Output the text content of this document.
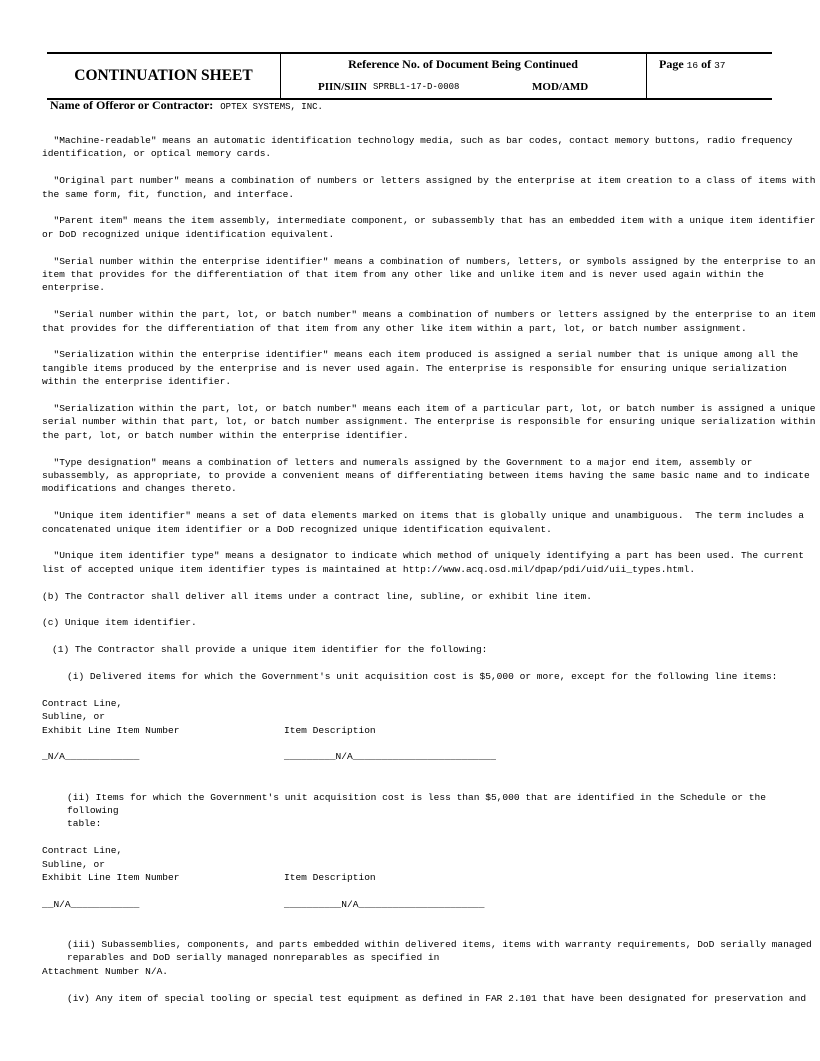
CONTINUATION SHEET
Reference No. of Document Being Continued
PIIN/SIIN SPRBL1-17-D-0008	MOD/AMD
Page 16 of 37
Name of Offeror or Contractor: OPTEX SYSTEMS, INC.

"Machine-readable" means an automatic identification technology media, such as bar codes, contact memory buttons, radio frequency
identification, or optical memory cards.

"Original part number" means a combination of numbers or letters assigned by the enterprise at item creation to a class of items with
the same form, fit, function, and interface.

"Parent item" means the item assembly, intermediate component, or subassembly that has an embedded item with a unique item identifier
or DoD recognized unique identification equivalent.

"Serial number within the enterprise identifier" means a combination of numbers, letters, or symbols assigned by the enterprise to an
item that provides for the differentiation of that item from any other like and unlike item and is never used again within the
enterprise.

"Serial number within the part, lot, or batch number" means a combination of numbers or letters assigned by the enterprise to an item
that provides for the differentiation of that item from any other like item within a part, lot, or batch number assignment.

"Serialization within the enterprise identifier" means each item produced is assigned a serial number that is unique among all the
tangible items produced by the enterprise and is never used again. The enterprise is responsible for ensuring unique serialization
within the enterprise identifier.

"Serialization within the part, lot, or batch number" means each item of a particular part, lot, or batch number is assigned a unique
serial number within that part, lot, or batch number assignment. The enterprise is responsible for ensuring unique serialization within
the part, lot, or batch number within the enterprise identifier.

"Type designation" means a combination of letters and numerals assigned by the Government to a major end item, assembly or
subassembly, as appropriate, to provide a convenient means of differentiating between items having the same basic name and to indicate
modifications and changes thereto.

"Unique item identifier" means a set of data elements marked on items that is globally unique and unambiguous.  The term includes a
concatenated unique item identifier or a DoD recognized unique identification equivalent.

"Unique item identifier type" means a designator to indicate which method of uniquely identifying a part has been used. The current
list of accepted unique item identifier types is maintained at http://www.acq.osd.mil/dpap/pdi/uid/uii_types.html.

(b) The Contractor shall deliver all items under a contract line, subline, or exhibit line item.

(c) Unique item identifier.

(1) The Contractor shall provide a unique item identifier for the following:

(i) Delivered items for which the Government's unit acquisition cost is $5,000 or more, except for the following line items:

Contract Line,

Subline, or

Exhibit Line Item Number	Item Description
_N/A_____________	_________N/A_________________________

(ii) Items for which the Government's unit acquisition cost is less than $5,000 that are identified in the Schedule or the following
table:

Contract Line,

Subline, or

Exhibit Line Item Number	Item Description
__N/A____________	__________N/A______________________

(iii) Subassemblies, components, and parts embedded within delivered items, items with warranty requirements, DoD serially managed
reparables and DoD serially managed nonreparables as specified in

Attachment Number N/A.

(iv) Any item of special tooling or special test equipment as defined in FAR 2.101 that have been designated for preservation and
